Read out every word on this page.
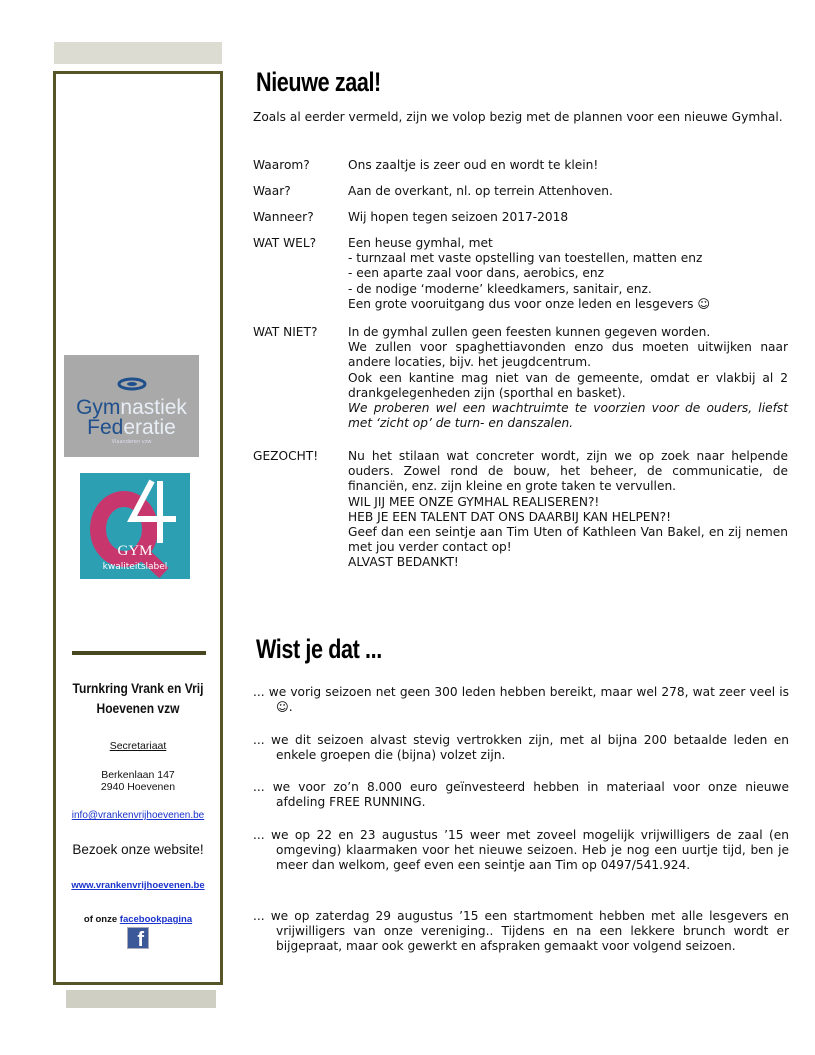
Gymnastiek
Federatie
Vlaanderen vzw
GYM
kwaliteitslabel
Turnkring Vrank en Vrij
Hoevenen vzw
Secretariaat
Berkenlaan 147
2940 Hoevenen
info@vrankenvrijhoevenen.be
Bezoek onze website!
www.vrankenvrijhoevenen.be
of onze facebookpagina
f
Nieuwe zaal!
Zoals al eerder vermeld, zijn we volop bezig met de plannen voor een nieuwe Gymhal.
Waarom?	Ons zaaltje is zeer oud en wordt te klein!
Waar?	Aan de overkant, nl. op terrein Attenhoven.
Wanneer?	Wij hopen tegen seizoen 2017-2018
WAT WEL?	Een heuse gymhal, met
- turnzaal met vaste opstelling van toestellen, matten enz
- een aparte zaal voor dans, aerobics, enz
- de nodige ‘moderne’ kleedkamers, sanitair, enz.
Een grote vooruitgang dus voor onze leden en lesgevers ☺
WAT NIET?	In de gymhal zullen geen feesten kunnen gegeven worden.
We zullen voor spaghettiavonden enzo dus moeten uitwijken naar andere locaties, bijv. het jeugdcentrum.
Ook een kantine mag niet van de gemeente, omdat er vlakbij al 2 drankgelegenheden zijn (sporthal en basket).
We proberen wel een wachtruimte te voorzien voor de ouders, liefst met ‘zicht op’ de turn- en danszalen.
GEZOCHT!	Nu het stilaan wat concreter wordt, zijn we op zoek naar helpende ouders. Zowel rond de bouw, het beheer, de communicatie, de financiën, enz. zijn kleine en grote taken te vervullen.
WIL JIJ MEE ONZE GYMHAL REALISEREN?!
HEB JE EEN TALENT DAT ONS DAARBIJ KAN HELPEN?!
Geef dan een seintje aan Tim Uten of Kathleen Van Bakel, en zij nemen met jou verder contact op!
ALVAST BEDANKT!
Wist je dat ...
... we vorig seizoen net geen 300 leden hebben bereikt, maar wel 278, wat zeer veel is ☺.
... we dit seizoen alvast stevig vertrokken zijn, met al bijna 200 betaalde leden en enkele groepen die (bijna) volzet zijn.
... we voor zo’n 8.000 euro geïnvesteerd hebben in materiaal voor onze nieuwe afdeling FREE RUNNING.
... we op 22 en 23 augustus ’15 weer met zoveel mogelijk vrijwilligers de zaal (en omgeving) klaarmaken voor het nieuwe seizoen. Heb je nog een uurtje tijd, ben je meer dan welkom, geef even een seintje aan Tim op 0497/541.924.
... we op zaterdag 29 augustus ’15 een startmoment hebben met alle lesgevers en vrijwilligers van onze vereniging.. Tijdens en na een lekkere brunch wordt er bijgepraat, maar ook gewerkt en afspraken gemaakt voor volgend seizoen.
